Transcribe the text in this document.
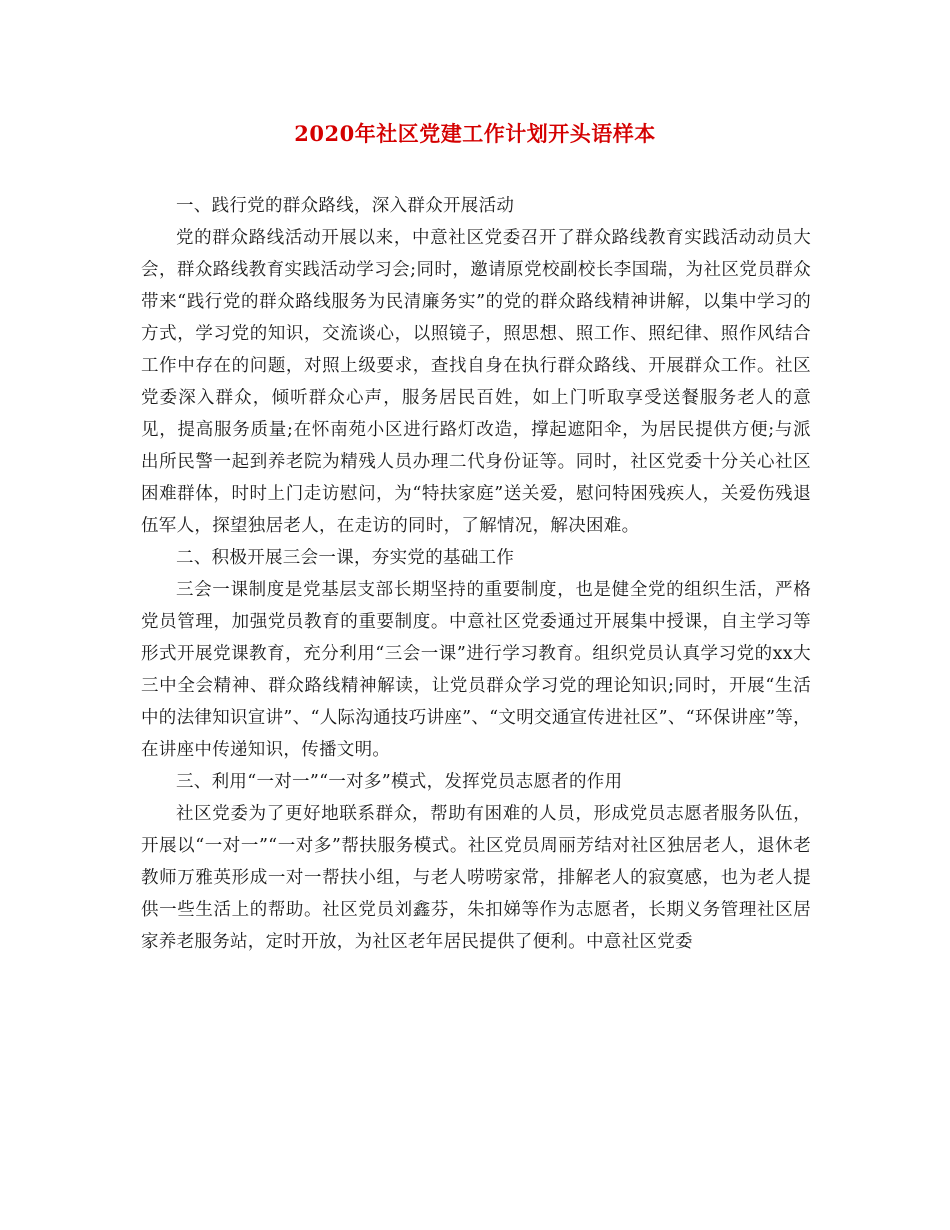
2020年社区党建工作计划开头语样本

一、践行党的群众路线，深入群众开展活动

党的群众路线活动开展以来，中意社区党委召开了群众路线教育实践活动动员大会，群众路线教育实践活动学习会;同时，邀请原党校副校长李国瑞，为社区党员群众带来“践行党的群众路线服务为民清廉务实”的党的群众路线精神讲解，以集中学习的方式，学习党的知识，交流谈心，以照镜子，照思想、照工作、照纪律、照作风结合工作中存在的问题，对照上级要求，查找自身在执行群众路线、开展群众工作。社区党委深入群众，倾听群众心声，服务居民百姓，如上门听取享受送餐服务老人的意见，提高服务质量;在怀南苑小区进行路灯改造，撑起遮阳伞，为居民提供方便;与派出所民警一起到养老院为精残人员办理二代身份证等。同时，社区党委十分关心社区困难群体，时时上门走访慰问，为“特扶家庭”送关爱，慰问特困残疾人，关爱伤残退伍军人，探望独居老人，在走访的同时，了解情况，解决困难。

二、积极开展三会一课，夯实党的基础工作

三会一课制度是党基层支部长期坚持的重要制度，也是健全党的组织生活，严格党员管理，加强党员教育的重要制度。中意社区党委通过开展集中授课，自主学习等形式开展党课教育，充分利用“三会一课”进行学习教育。组织党员认真学习党的xx大三中全会精神、群众路线精神解读，让党员群众学习党的理论知识;同时，开展“生活中的法律知识宣讲”、“人际沟通技巧讲座”、“文明交通宣传进社区”、“环保讲座”等，在讲座中传递知识，传播文明。

三、利用“一对一”“一对多”模式，发挥党员志愿者的作用

社区党委为了更好地联系群众，帮助有困难的人员，形成党员志愿者服务队伍，开展以“一对一”“一对多”帮扶服务模式。社区党员周丽芳结对社区独居老人，退休老教师万雅英形成一对一帮扶小组，与老人唠唠家常，排解老人的寂寞感，也为老人提供一些生活上的帮助。社区党员刘鑫芬，朱扣娣等作为志愿者，长期义务管理社区居家养老服务站，定时开放，为社区老年居民提供了便利。中意社区党委
